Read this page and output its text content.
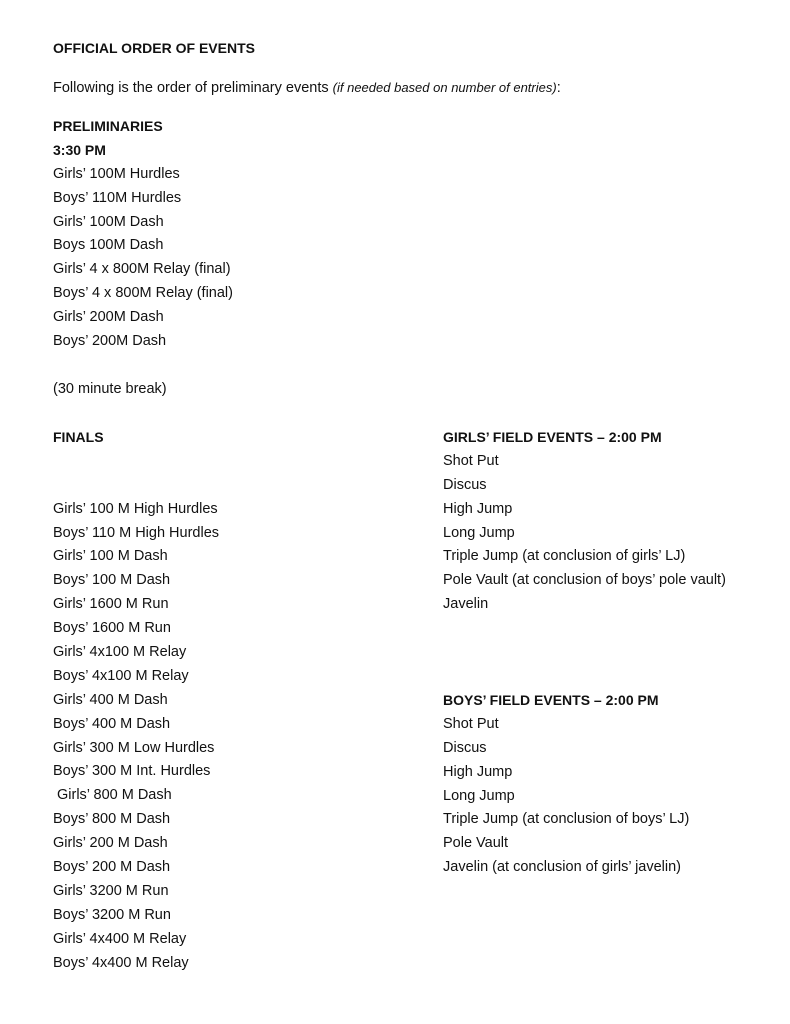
OFFICIAL ORDER OF EVENTS
Following is the order of preliminary events (if needed based on number of entries):
PRELIMINARIES
3:30 PM
Girls’ 100M Hurdles
Boys’ 110M Hurdles
Girls’ 100M Dash
Boys 100M Dash
Girls’ 4 x 800M Relay (final)
Boys’ 4 x 800M Relay (final)
Girls’ 200M Dash
Boys’ 200M Dash
(30 minute break)
FINALS
Girls’ 100 M High Hurdles
Boys’ 110 M High Hurdles
Girls’ 100 M Dash
Boys’ 100 M Dash
Girls’ 1600 M Run
Boys’ 1600 M Run
Girls’ 4x100 M Relay
Boys’ 4x100 M Relay
Girls’ 400 M Dash
Boys’ 400 M Dash
Girls’ 300 M Low Hurdles
Boys’ 300 M Int. Hurdles
Girls’ 800 M Dash
Boys’ 800 M Dash
Girls’ 200 M Dash
Boys’ 200 M Dash
Girls’ 3200 M Run
Boys’ 3200 M Run
Girls’ 4x400 M Relay
Boys’ 4x400 M Relay
GIRLS’ FIELD EVENTS – 2:00 PM
Shot Put
Discus
High Jump
Long Jump
Triple Jump (at conclusion of girls’ LJ)
Pole Vault (at conclusion of boys’ pole vault)
Javelin
BOYS’ FIELD EVENTS – 2:00 PM
Shot Put
Discus
High Jump
Long Jump
Triple Jump (at conclusion of boys’ LJ)
Pole Vault
Javelin (at conclusion of girls’ javelin)
